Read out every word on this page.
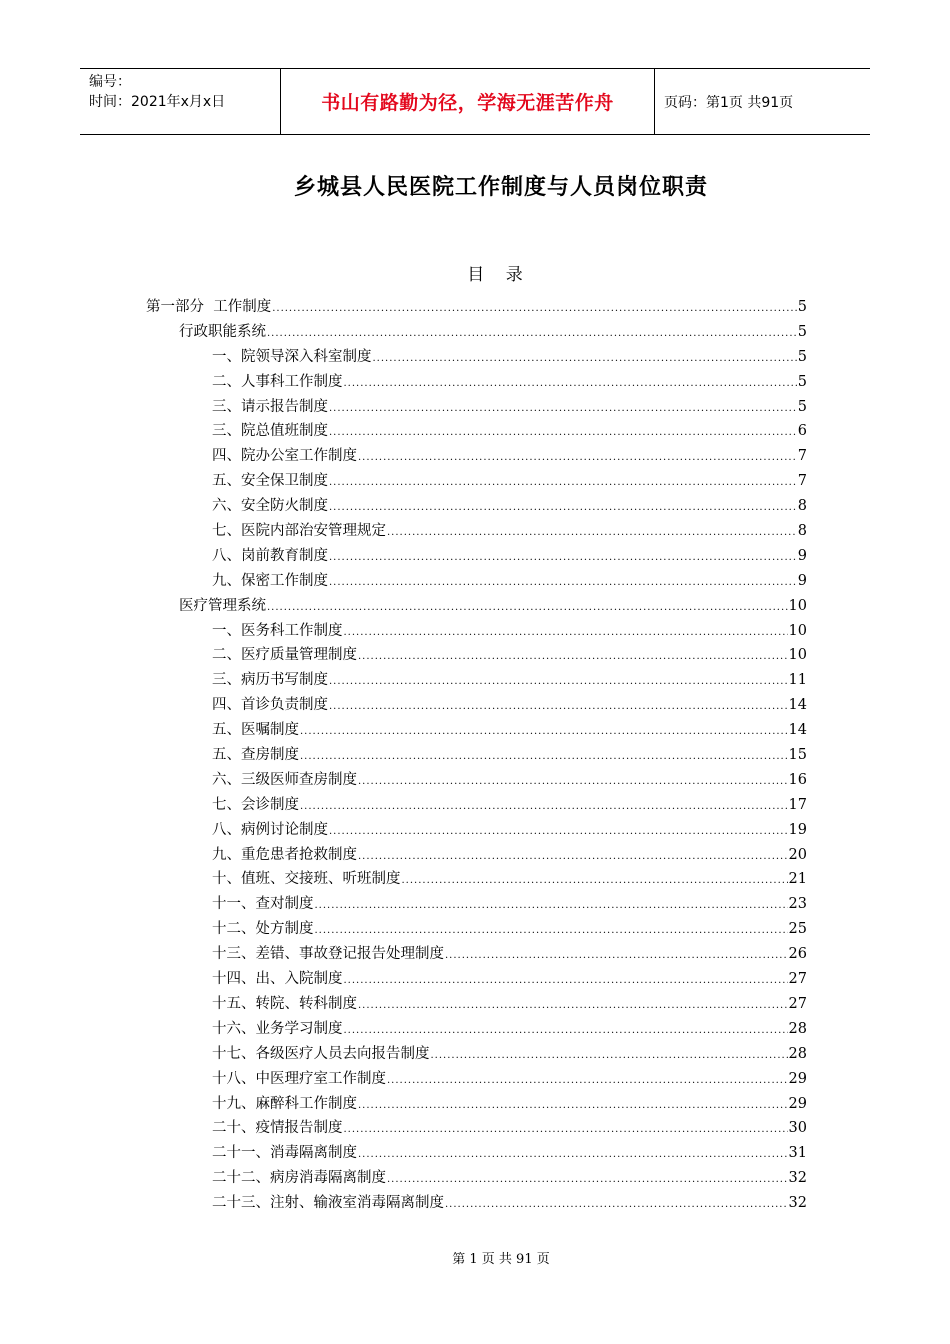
编号：
时间：2021年x月x日	书山有路勤为径，学海无涯苦作舟	页码：第1页 共91页
乡城县人民医院工作制度与人员岗位职责
目    录
第一部分  工作制度 .....	5
行政职能系统 .....	5
一、院领导深入科室制度 .....	5
二、人事科工作制度 .....	5
三、请示报告制度 .....	5
三、院总值班制度 .....	6
四、院办公室工作制度 .....	7
五、安全保卫制度 .....	7
六、安全防火制度 .....	8
七、医院内部治安管理规定 .....	8
八、岗前教育制度 .....	9
九、保密工作制度 .....	9
医疗管理系统 .....	10
一、医务科工作制度 .....	10
二、医疗质量管理制度 .....	10
三、病历书写制度 .....	11
四、首诊负责制度 .....	14
五、医嘱制度 .....	14
五、查房制度 .....	15
六、三级医师查房制度 .....	16
七、会诊制度 .....	17
八、病例讨论制度 .....	19
九、重危患者抢救制度 .....	20
十、值班、交接班、听班制度 .....	21
十一、查对制度 .....	23
十二、处方制度 .....	25
十三、差错、事故登记报告处理制度 .....	26
十四、出、入院制度 .....	27
十五、转院、转科制度 .....	27
十六、业务学习制度 .....	28
十七、各级医疗人员去向报告制度 .....	28
十八、中医理疗室工作制度 .....	29
十九、麻醉科工作制度 .....	29
二十、疫情报告制度 .....	30
二十一、消毒隔离制度 .....	31
二十二、病房消毒隔离制度 .....	32
二十三、注射、输液室消毒隔离制度 .....	32
第 1 页 共 91 页
